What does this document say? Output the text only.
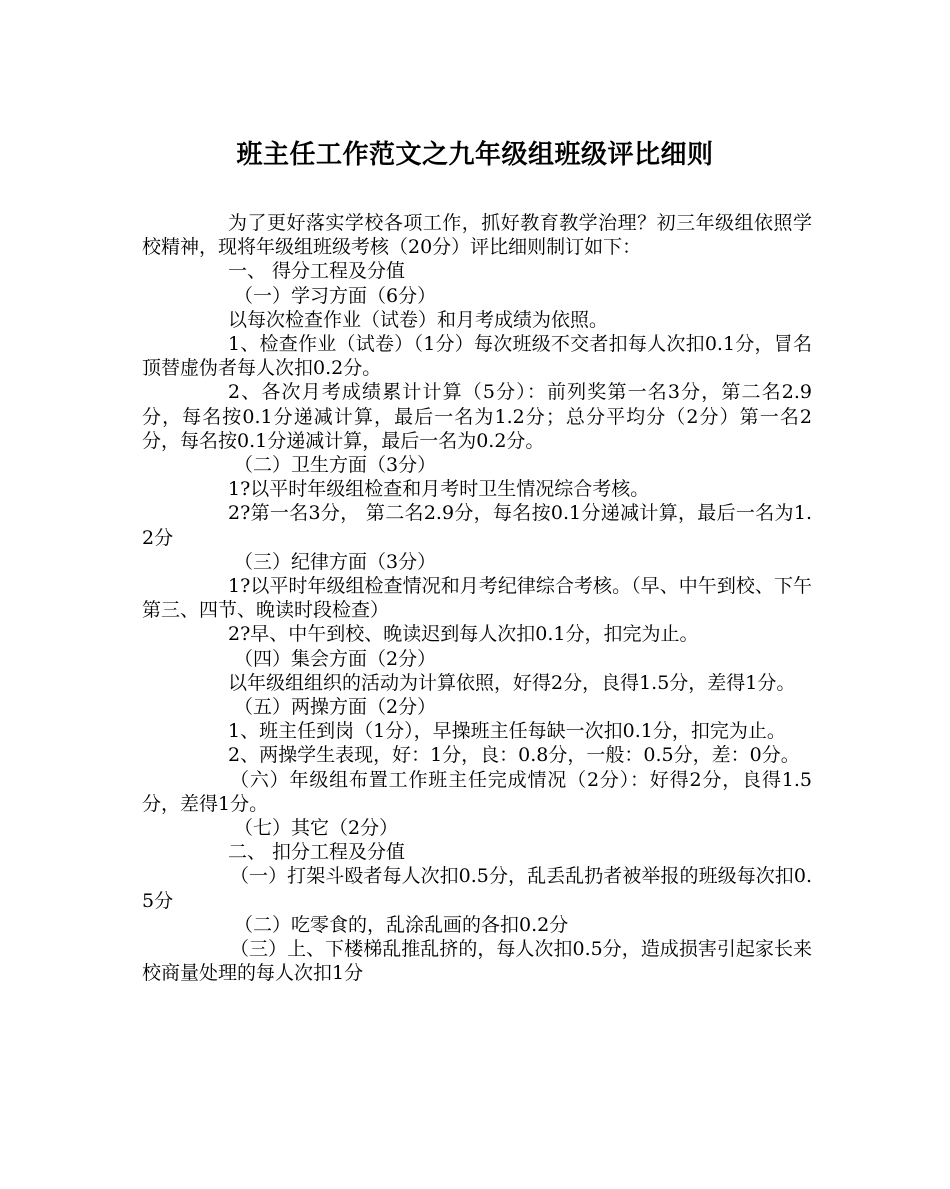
班主任工作范文之九年级组班级评比细则

为了更好落实学校各项工作，抓好教育教学治理？初三年级组依照学校精神，现将年级组班级考核（20分）评比细则制订如下：

一、 得分工程及分值

（一）学习方面（6分）

以每次检查作业（试卷）和月考成绩为依照。

1、检查作业（试卷）（1分）每次班级不交者扣每人次扣0.1分，冒名顶替虚伪者每人次扣0.2分。

2、各次月考成绩累计计算（5分）：前列奖第一名3分，第二名2.9分，每名按0.1分递减计算，最后一名为1.2分；总分平均分（2分）第一名2分，每名按0.1分递减计算，最后一名为0.2分。

（二）卫生方面（3分）

1?以平时年级组检查和月考时卫生情况综合考核。

2?第一名3分， 第二名2.9分，每名按0.1分递减计算，最后一名为1.2分

（三）纪律方面（3分）

1?以平时年级组检查情况和月考纪律综合考核。（早、中午到校、下午第三、四节、晚读时段检查）

2?早、中午到校、晚读迟到每人次扣0.1分，扣完为止。

（四）集会方面（2分）

以年级组组织的活动为计算依照，好得2分，良得1.5分，差得1分。

（五）两操方面（2分）

1、班主任到岗（1分），早操班主任每缺一次扣0.1分，扣完为止。

2、两操学生表现，好：1分，良：0.8分，一般：0.5分，差：0分。

（六）年级组布置工作班主任完成情况（2分）：好得2分，良得1.5分，差得1分。

（七）其它（2分）

二、 扣分工程及分值

（一）打架斗殴者每人次扣0.5分，乱丢乱扔者被举报的班级每次扣0.5分

（二）吃零食的，乱涂乱画的各扣0.2分

（三）上、下楼梯乱推乱挤的，每人次扣0.5分，造成损害引起家长来校商量处理的每人次扣1分
